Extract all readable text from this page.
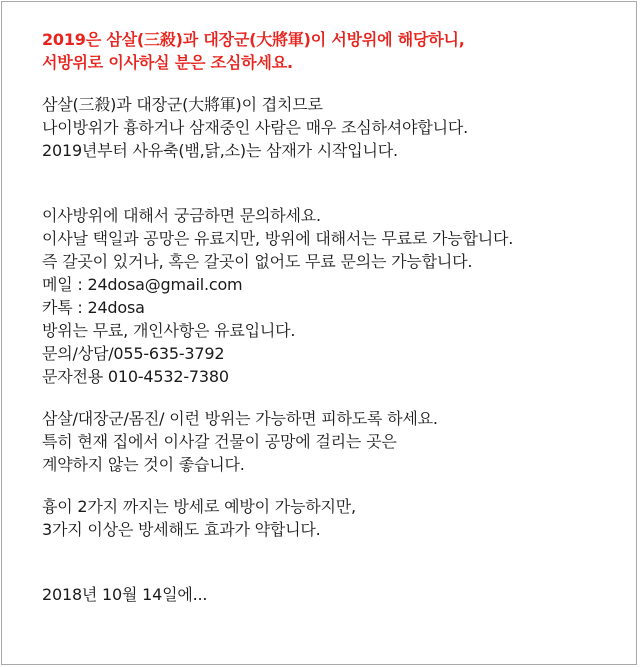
2019은 삼살(三殺)과 대장군(大將軍)이 서방위에 해당하니,
서방위로 이사하실 분은 조심하세요.
삼살(三殺)과 대장군(大將軍)이 겹치므로
나이방위가 흉하거나 삼재중인 사람은 매우 조심하셔야합니다.
2019년부터 사유축(뱀,닭,소)는 삼재가 시작입니다.
이사방위에 대해서 궁금하면 문의하세요.
이사날 택일과 공망은 유료지만, 방위에 대해서는 무료로 가능합니다.
즉 갈곳이 있거나, 혹은 갈곳이 없어도 무료 문의는 가능합니다.
메일 : 24dosa@gmail.com
카톡 : 24dosa
방위는 무료, 개인사항은 유료입니다.
문의/상담/055-635-3792
문자전용 010-4532-7380
삼살/대장군/몸진/ 이런 방위는 가능하면 피하도록 하세요.
특히 현재 집에서 이사갈 건물이 공망에 걸리는 곳은
계약하지 않는 것이 좋습니다.
흉이 2가지 까지는 방세로 예방이 가능하지만,
3가지 이상은 방세해도 효과가 약합니다.
2018년 10월 14일에...
